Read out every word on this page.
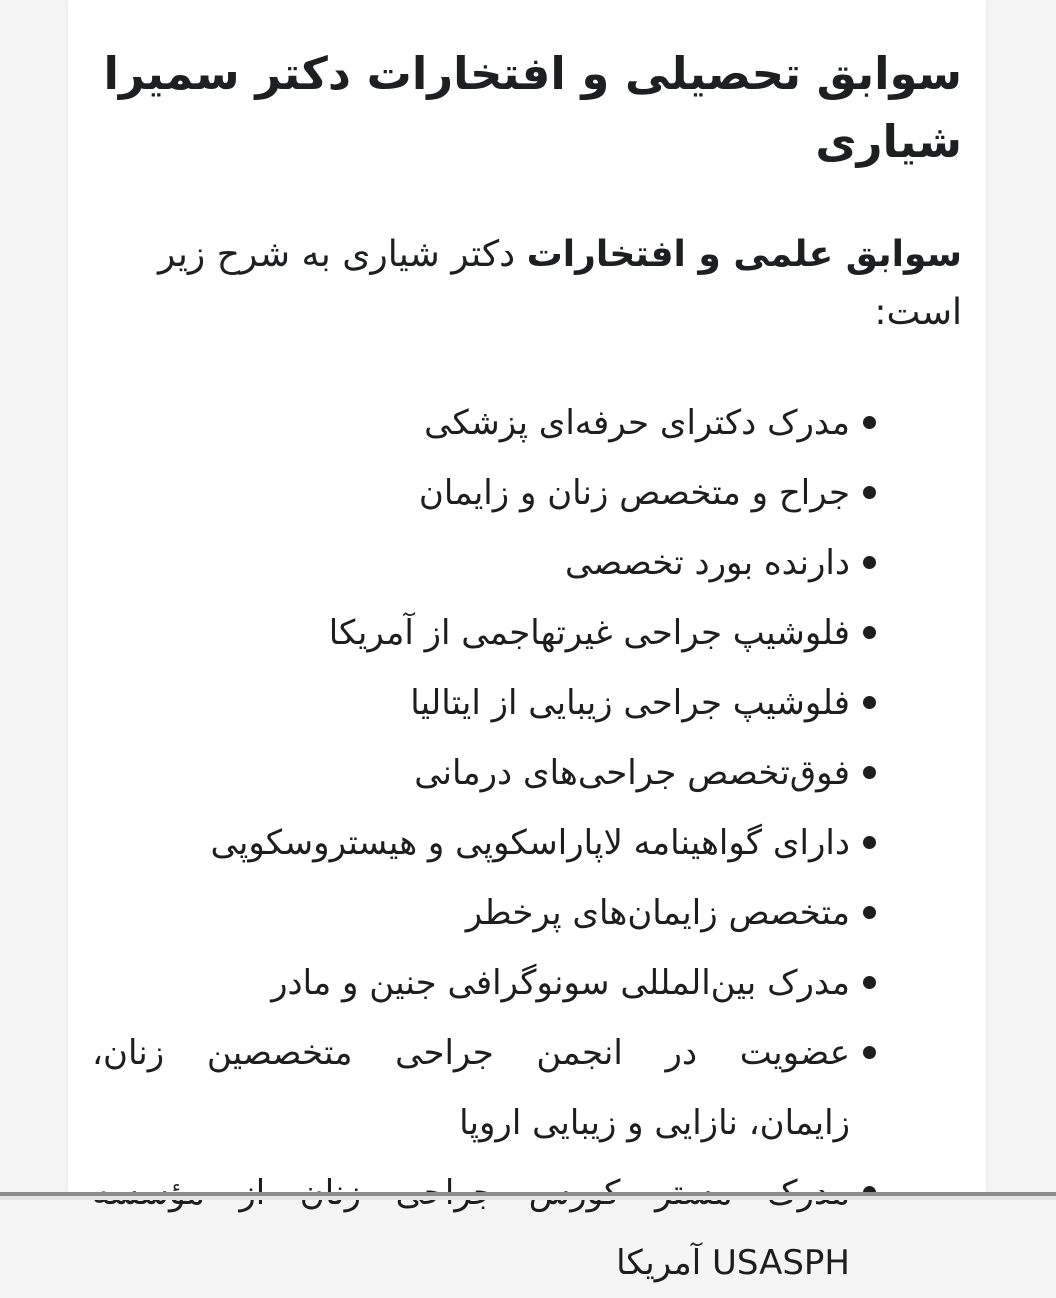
سوابق تحصیلی و افتخارات دکتر سمیرا شیاری

سوابق علمی و افتخارات دکتر شیاری به شرح زیر است:

مدرک دکترای حرفه‌ای پزشکی
جراح و متخصص زنان و زایمان
دارنده بورد تخصصی
فلوشیپ جراحی غیرتهاجمی از آمریکا
فلوشیپ جراحی زیبایی از ایتالیا
فوق‌تخصص جراحی‌های درمانی
دارای گواهینامه لاپاراسکوپی و هیستروسکوپی
متخصص زایمان‌های پرخطر
مدرک بین‌المللی سونوگرافی جنین و مادر
عضویت در انجمن جراحی متخصصین زنان،
زایمان، نازایی و زیبایی اروپا
USASPH آمریکا
